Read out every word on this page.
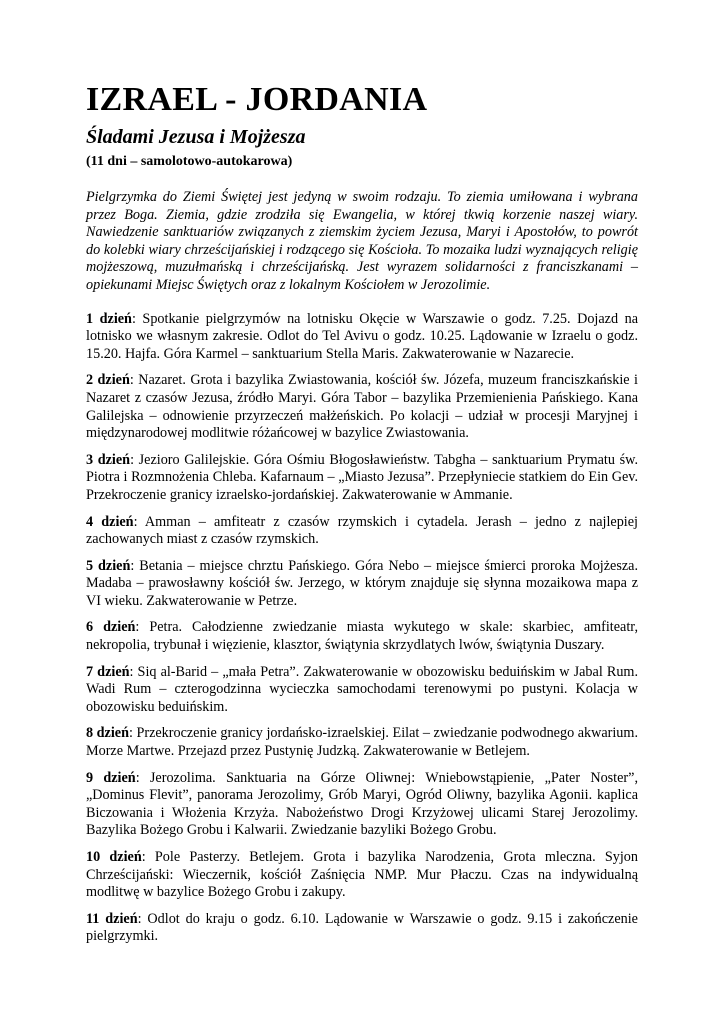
IZRAEL - JORDANIA
Śladami Jezusa i Mojżesza

(11 dni – samolotowo-autokarowa)

Pielgrzymka do Ziemi Świętej jest jedyną w swoim rodzaju. To ziemia umiłowana i wybrana przez Boga. Ziemia, gdzie zrodziła się Ewangelia, w której tkwią korzenie naszej wiary. Nawiedzenie sanktuariów związanych z ziemskim życiem Jezusa, Maryi i Apostołów, to powrót do kolebki wiary chrześcijańskiej i rodzącego się Kościoła. To mozaika ludzi wyznających religię mojżeszową, muzułmańską i chrześcijańską. Jest wyrazem solidarności z franciszkanami – opiekunami Miejsc Świętych oraz z lokalnym Kościołem w Jerozolimie.

1 dzień: Spotkanie pielgrzymów na lotnisku Okęcie w Warszawie o godz. 7.25. Dojazd na lotnisko we własnym zakresie. Odlot do Tel Avivu o godz. 10.25. Lądowanie w Izraelu o godz. 15.20. Hajfa. Góra Karmel – sanktuarium Stella Maris. Zakwaterowanie w Nazarecie.

2 dzień: Nazaret. Grota i bazylika Zwiastowania, kościół św. Józefa, muzeum franciszkańskie i Nazaret z czasów Jezusa, źródło Maryi. Góra Tabor – bazylika Przemienienia Pańskiego. Kana Galilejska – odnowienie przyrzeczeń małżeńskich. Po kolacji – udział w procesji Maryjnej i międzynarodowej modlitwie różańcowej w bazylice Zwiastowania.

3 dzień: Jezioro Galilejskie. Góra Ośmiu Błogosławieństw. Tabgha – sanktuarium Prymatu św. Piotra i Rozmnożenia Chleba. Kafarnaum – „Miasto Jezusa”. Przepłyniecie statkiem do Ein Gev. Przekroczenie granicy izraelsko-jordańskiej. Zakwaterowanie w Ammanie.

4 dzień: Amman – amfiteatr z czasów rzymskich i cytadela. Jerash – jedno z najlepiej zachowanych miast z czasów rzymskich.

5 dzień: Betania – miejsce chrztu Pańskiego. Góra Nebo – miejsce śmierci proroka Mojżesza. Madaba – prawosławny kościół św. Jerzego, w którym znajduje się słynna mozaikowa mapa z VI wieku. Zakwaterowanie w Petrze.

6 dzień: Petra. Całodzienne zwiedzanie miasta wykutego w skale: skarbiec, amfiteatr, nekropolia, trybunał i więzienie, klasztor, świątynia skrzydlatych lwów, świątynia Duszary.

7 dzień: Siq al-Barid – „mała Petra”. Zakwaterowanie w obozowisku beduińskim w Jabal Rum. Wadi Rum – czterogodzinna wycieczka samochodami terenowymi po pustyni. Kolacja w obozowisku beduińskim.

8 dzień: Przekroczenie granicy jordańsko-izraelskiej. Eilat – zwiedzanie podwodnego akwarium. Morze Martwe. Przejazd przez Pustynię Judzką. Zakwaterowanie w Betlejem.

9 dzień: Jerozolima. Sanktuaria na Górze Oliwnej: Wniebowstąpienie, „Pater Noster”, „Dominus Flevit”, panorama Jerozolimy, Grób Maryi, Ogród Oliwny, bazylika Agonii. kaplica Biczowania i Włożenia Krzyża. Nabożeństwo Drogi Krzyżowej ulicami Starej Jerozolimy. Bazylika Bożego Grobu i Kalwarii. Zwiedzanie bazyliki Bożego Grobu.

10 dzień: Pole Pasterzy. Betlejem. Grota i bazylika Narodzenia, Grota mleczna. Syjon Chrześcijański: Wieczernik, kościół Zaśnięcia NMP. Mur Płaczu. Czas na indywidualną modlitwę w bazylice Bożego Grobu i zakupy.

11 dzień: Odlot do kraju o godz. 6.10. Lądowanie w Warszawie o godz. 9.15 i zakończenie pielgrzymki.
